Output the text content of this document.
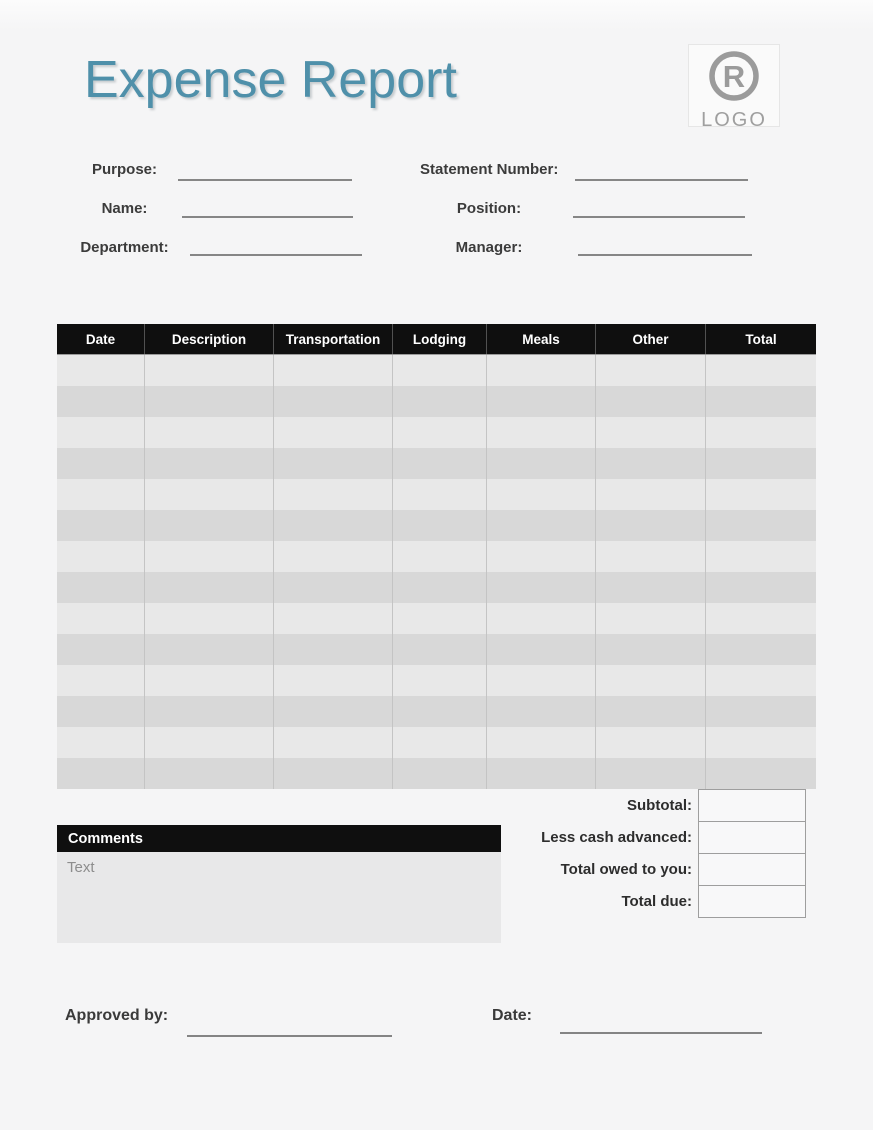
Expense Report	R
LOGO
Purpose:
Name:
Department:
Statement Number:
Position:
Manager:
Date	Description	Transportation	Lodging	Meals	Other	Total
Subtotal:
Less cash advanced:
Total owed to you:
Total due:
Comments
Text
Approved by:	Date:
